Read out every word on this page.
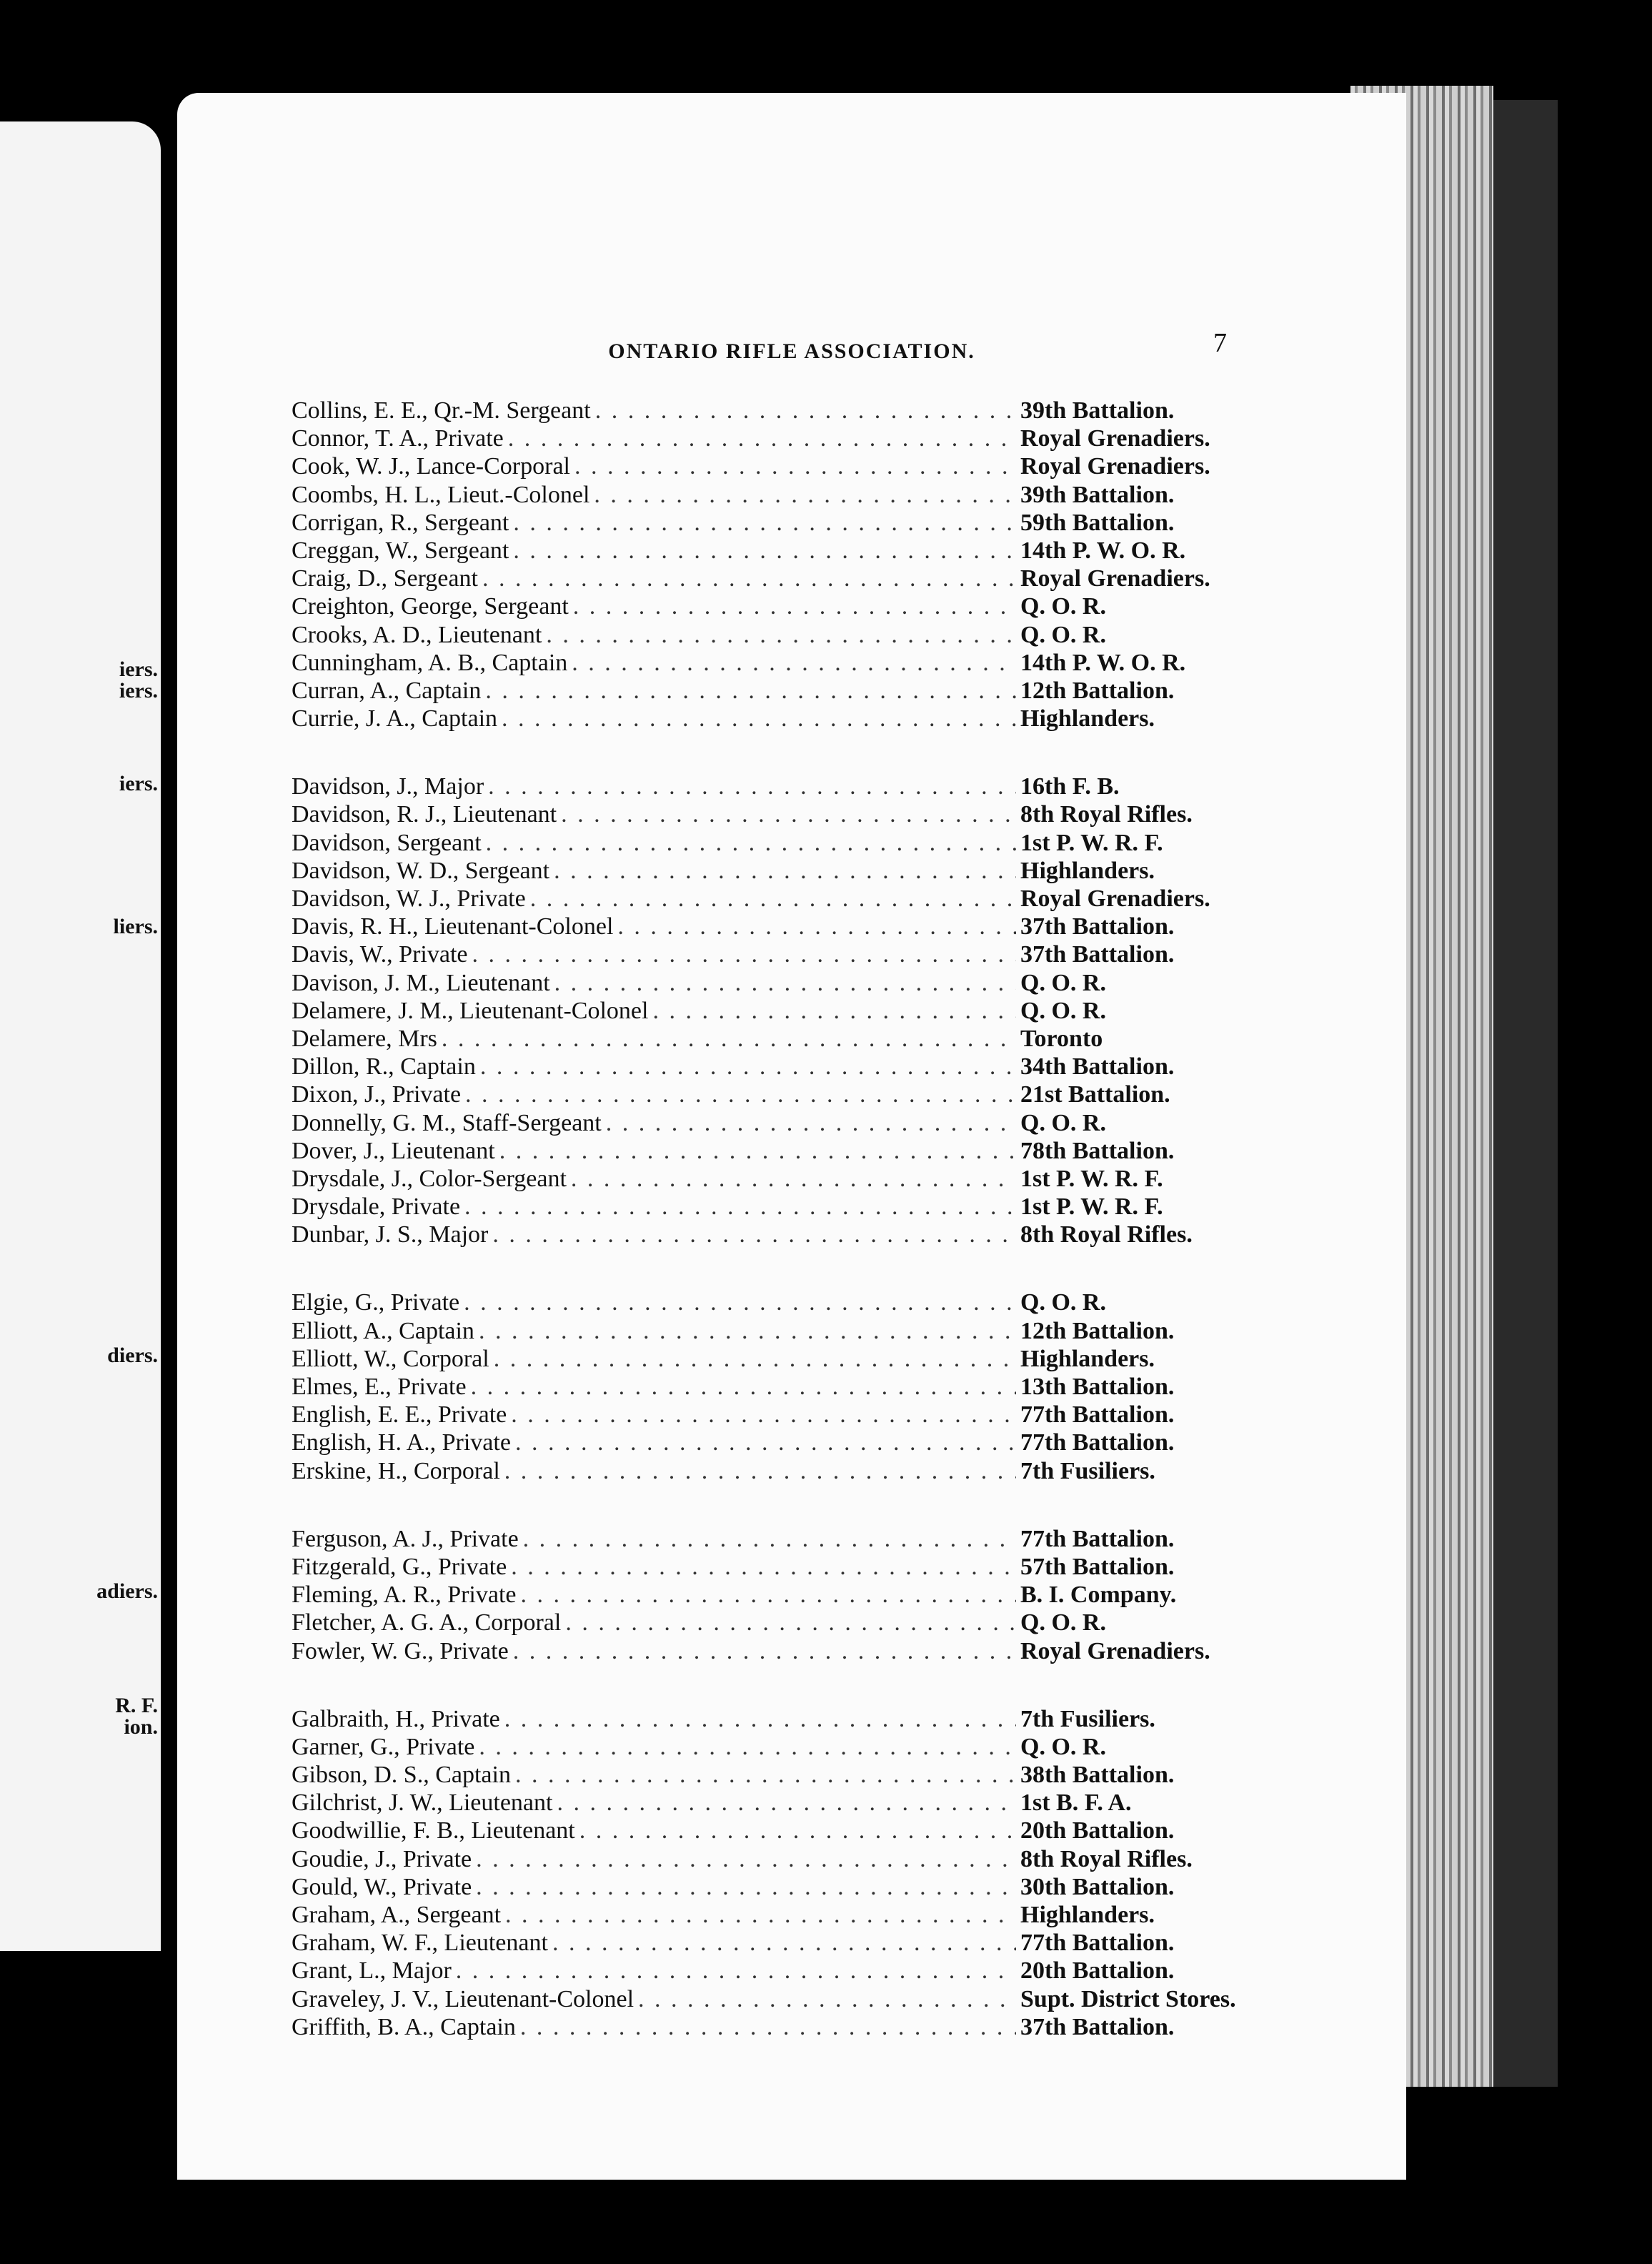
iers.
iers.
iers.
liers.
diers.
adiers.
R. F.
ion.
ONTARIO RIFLE ASSOCIATION.	7
Collins, E. E., Qr.-M. Sergeant . . .	39th Battalion.
Connor, T. A., Private . . .	Royal Grenadiers.
Cook, W. J., Lance-Corporal . . .	Royal Grenadiers.
Coombs, H. L., Lieut.-Colonel . . .	39th Battalion.
Corrigan, R., Sergeant . . .	59th Battalion.
Creggan, W., Sergeant . . .	14th P. W. O. R.
Craig, D., Sergeant . . .	Royal Grenadiers.
Creighton, George, Sergeant . . .	Q. O. R.
Crooks, A. D., Lieutenant . . .	Q. O. R.
Cunningham, A. B., Captain . . .	14th P. W. O. R.
Curran, A., Captain . . .	12th Battalion.
Currie, J. A., Captain . . .	Highlanders.
Davidson, J., Major . . .	16th F. B.
Davidson, R. J., Lieutenant . . .	8th Royal Rifles.
Davidson, Sergeant . . .	1st P. W. R. F.
Davidson, W. D., Sergeant . . .	Highlanders.
Davidson, W. J., Private . . .	Royal Grenadiers.
Davis, R. H., Lieutenant-Colonel . . .	37th Battalion.
Davis, W., Private . . .	37th Battalion.
Davison, J. M., Lieutenant . . .	Q. O. R.
Delamere, J. M., Lieutenant-Colonel . . .	Q. O. R.
Delamere, Mrs . . .	Toronto
Dillon, R., Captain . . .	34th Battalion.
Dixon, J., Private . . .	21st Battalion.
Donnelly, G. M., Staff-Sergeant . . .	Q. O. R.
Dover, J., Lieutenant . . .	78th Battalion.
Drysdale, J., Color-Sergeant . . .	1st P. W. R. F.
Drysdale, Private . . .	1st P. W. R. F.
Dunbar, J. S., Major . . .	8th Royal Rifles.
Elgie, G., Private . . .	Q. O. R.
Elliott, A., Captain . . .	12th Battalion.
Elliott, W., Corporal . . .	Highlanders.
Elmes, E., Private . . .	13th Battalion.
English, E. E., Private . . .	77th Battalion.
English, H. A., Private . . .	77th Battalion.
Erskine, H., Corporal . . .	7th Fusiliers.
Ferguson, A. J., Private . . .	77th Battalion.
Fitzgerald, G., Private . . .	57th Battalion.
Fleming, A. R., Private . . .	B. I. Company.
Fletcher, A. G. A., Corporal . . .	Q. O. R.
Fowler, W. G., Private . . .	Royal Grenadiers.
Galbraith, H., Private . . .	7th Fusiliers.
Garner, G., Private . . .	Q. O. R.
Gibson, D. S., Captain . . .	38th Battalion.
Gilchrist, J. W., Lieutenant . . .	1st B. F. A.
Goodwillie, F. B., Lieutenant . . .	20th Battalion.
Goudie, J., Private . . .	8th Royal Rifles.
Gould, W., Private . . .	30th Battalion.
Graham, A., Sergeant . . .	Highlanders.
Graham, W. F., Lieutenant . . .	77th Battalion.
Grant, L., Major . . .	20th Battalion.
Graveley, J. V., Lieutenant-Colonel . . .	Supt. District Stores.
Griffith, B. A., Captain . . .	37th Battalion.
